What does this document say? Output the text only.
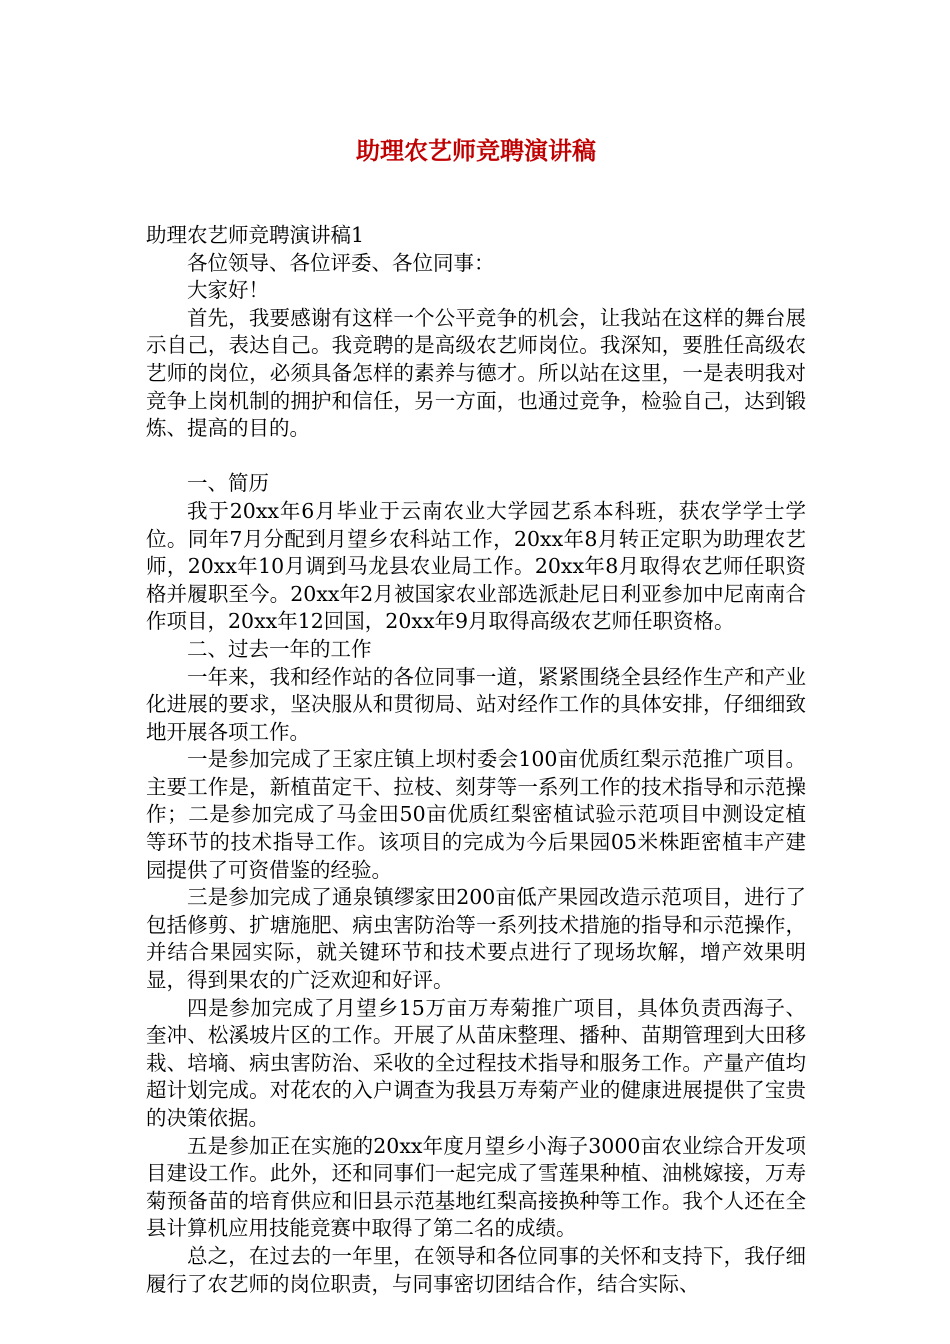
助理农艺师竞聘演讲稿

助理农艺师竞聘演讲稿1

各位领导、各位评委、各位同事：

大家好！

首先，我要感谢有这样一个公平竞争的机会，让我站在这样的舞台展示自己，表达自己。我竞聘的是高级农艺师岗位。我深知，要胜任高级农艺师的岗位，必须具备怎样的素养与德才。所以站在这里，一是表明我对竞争上岗机制的拥护和信任，另一方面，也通过竞争，检验自己，达到锻炼、提高的目的。

一、简历

我于20xx年6月毕业于云南农业大学园艺系本科班，获农学学士学位。同年7月分配到月望乡农科站工作，20xx年8月转正定职为助理农艺师，20xx年10月调到马龙县农业局工作。20xx年8月取得农艺师任职资格并履职至今。20xx年2月被国家农业部选派赴尼日利亚参加中尼南南合作项目，20xx年12回国，20xx年9月取得高级农艺师任职资格。

二、过去一年的工作

一年来，我和经作站的各位同事一道，紧紧围绕全县经作生产和产业化进展的要求，坚决服从和贯彻局、站对经作工作的具体安排，仔细细致地开展各项工作。

一是参加完成了王家庄镇上坝村委会100亩优质红梨示范推广项目。主要工作是，新植苗定干、拉枝、刻芽等一系列工作的技术指导和示范操作；二是参加完成了马金田50亩优质红梨密植试验示范项目中测设定植等环节的技术指导工作。该项目的完成为今后果园05米株距密植丰产建园提供了可资借鉴的经验。

三是参加完成了通泉镇缪家田200亩低产果园改造示范项目，进行了包括修剪、扩塘施肥、病虫害防治等一系列技术措施的指导和示范操作，并结合果园实际，就关键环节和技术要点进行了现场坎解，增产效果明显，得到果农的广泛欢迎和好评。

四是参加完成了月望乡15万亩万寿菊推广项目，具体负责西海子、奎冲、松溪坡片区的工作。开展了从苗床整理、播种、苗期管理到大田移栽、培墒、病虫害防治、采收的全过程技术指导和服务工作。产量产值均超计划完成。对花农的入户调查为我县万寿菊产业的健康进展提供了宝贵的决策依据。

五是参加正在实施的20xx年度月望乡小海子3000亩农业综合开发项目建设工作。此外，还和同事们一起完成了雪莲果种植、油桃嫁接，万寿菊预备苗的培育供应和旧县示范基地红梨高接换种等工作。我个人还在全县计算机应用技能竞赛中取得了第二名的成绩。

总之，在过去的一年里，在领导和各位同事的关怀和支持下，我仔细履行了农艺师的岗位职责，与同事密切团结合作，结合实际、
